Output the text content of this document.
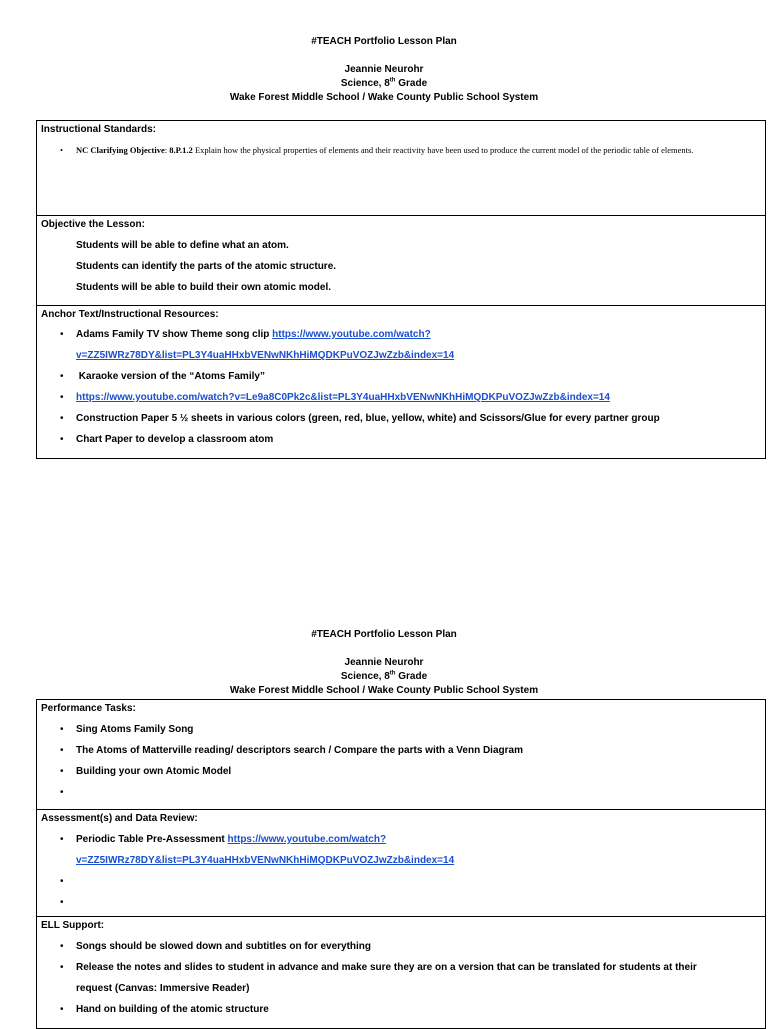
#TEACH Portfolio Lesson Plan
Jeannie Neurohr
Science, 8th Grade
Wake Forest Middle School / Wake County Public School System
Instructional Standards:
• NC Clarifying Objective: 8.P.1.2 Explain how the physical properties of elements and their reactivity have been used to produce the current model of the periodic table of elements.
Objective the Lesson:
Students will be able to define what an atom.
Students can identify the parts of the atomic structure.
Students will be able to build their own atomic model.
Anchor Text/Instructional Resources:
• Adams Family TV show Theme song clip https://www.youtube.com/watch?
v=ZZ5IWRz78DY&list=PL3Y4uaHHxbVENwNKhHiMQDKPuVOZJwZzb&index=14
• Karaoke version of the “Atoms Family”
• https://www.youtube.com/watch?v=Le9a8C0Pk2c&list=PL3Y4uaHHxbVENwNKhHiMQDKPuVOZJwZzb&index=14
• Construction Paper 5 ½ sheets in various colors (green, red, blue, yellow, white) and Scissors/Glue for every partner group
• Chart Paper to develop a classroom atom
#TEACH Portfolio Lesson Plan
Jeannie Neurohr
Science, 8th Grade
Wake Forest Middle School / Wake County Public School System
Performance Tasks:
• Sing Atoms Family Song
• The Atoms of Matterville reading/ descriptors search / Compare the parts with a Venn Diagram
• Building your own Atomic Model
•
Assessment(s) and Data Review:
• Periodic Table Pre-Assessment https://www.youtube.com/watch?
v=ZZ5IWRz78DY&list=PL3Y4uaHHxbVENwNKhHiMQDKPuVOZJwZzb&index=14
•
•
ELL Support:
• Songs should be slowed down and subtitles on for everything
• Release the notes and slides to student in advance and make sure they are on a version that can be translated for students at their
request (Canvas: Immersive Reader)
• Hand on building of the atomic structure
